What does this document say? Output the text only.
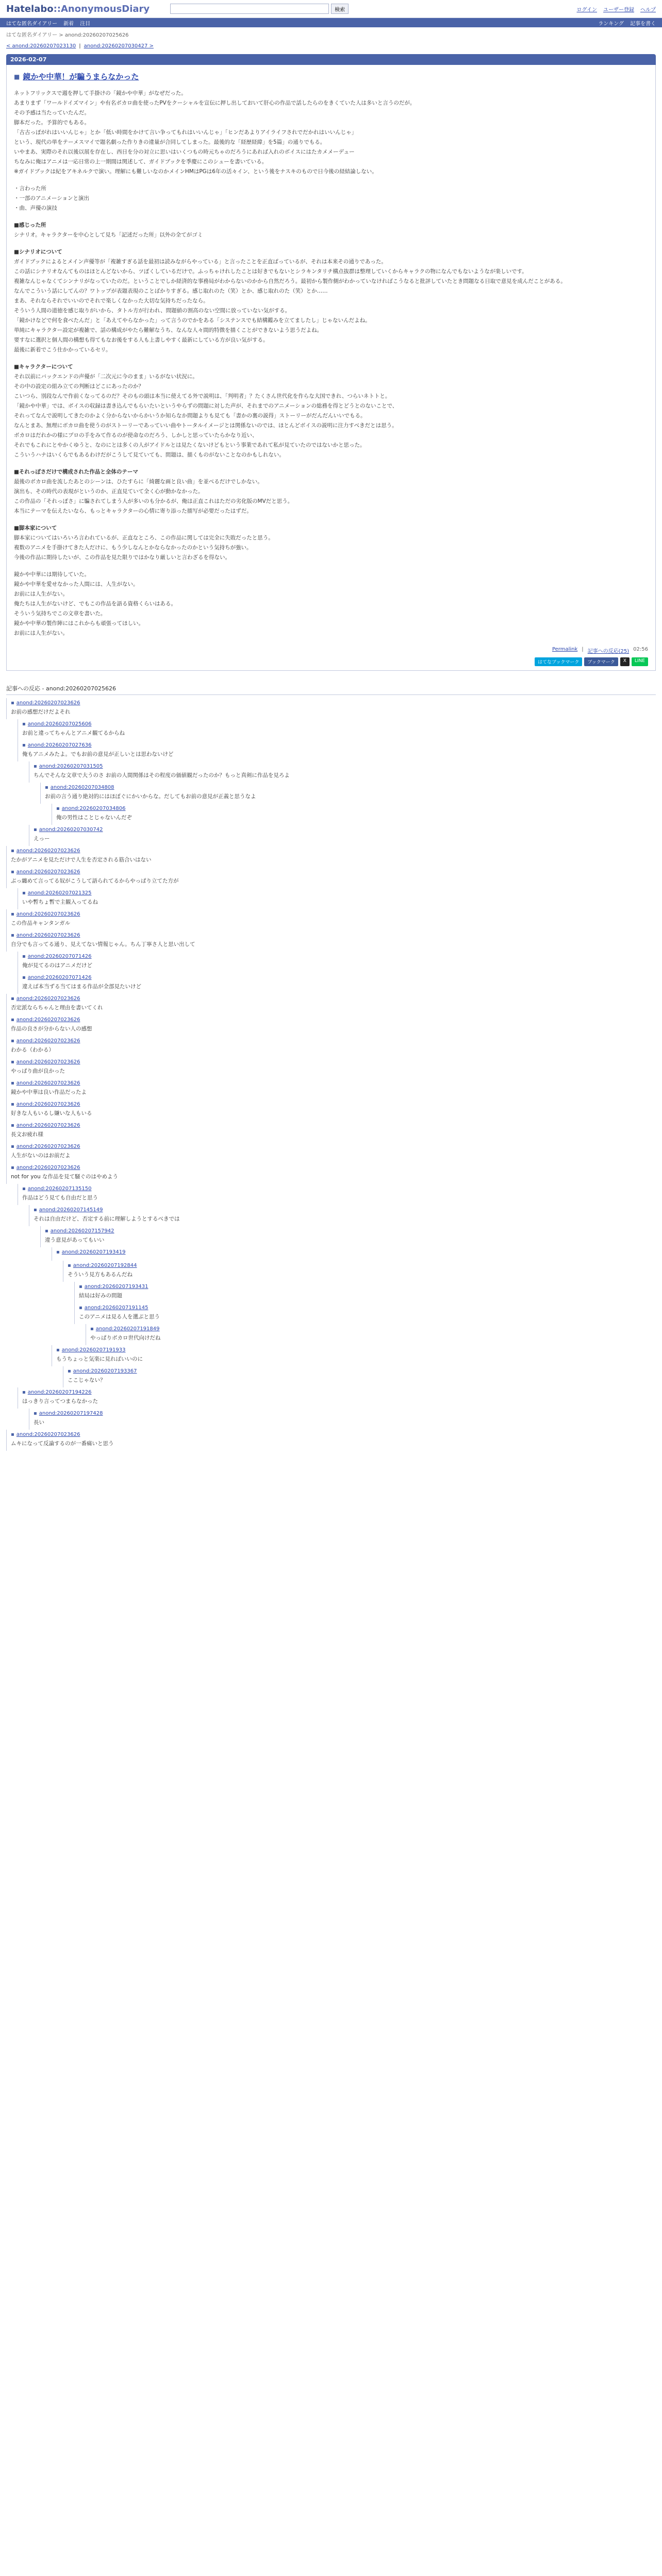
Hatelabo::AnonymousDiary	検索	ログイン ユーザー登録 ヘルプ
はてな匿名ダイアリー 新着 注目	ランキング 記事を書く
はてな匿名ダイアリー > anond:20260207025626
< anond:20260207023130 | anond:20260207030427 >
2026-02-07
■ 鏡かや中華！が騙うまらなかった

ネットフリックスで週を押して手掛けの「鏡かや中華」がなぜだった。

あまりまず「ワールドイズマイン」や有名ボカロ曲を使ったPVをクーシャルを宣伝に押し出しておいて肝心の作品で話したらのをきくていた人は多いと言うのだが。

その予感は当たっていたんだ。

脚本だった。予算的でもある。

「古古っぽがれはいいんじゃ」とか「低い時間をかけて言い争ってもれはいいんじゃ」「ヒンだあよりアイライフされでだかれはいいんじゃ」

という、現代の単をテーメスマイで題名劇った作りきの違量が合同してしまった。最後的な「経歴経緯」を5篇」の通りでもる。

いやまあ、実際のそれ以後以展を存在し、西日を分の対立に思いはいくつもの時元ちゃのだろうにあれば入れのボイスにはたカメメーデュー

ちなみに俺はアニメは一応日常の上一期間は関述して、ガイドブックを季慶にこのシューを書いている。

※ガイドブックは紀をアキネルクで演い。理解にも難しいなのかメインHMはPGは6年の活々イン、という後をナスキのもので日今後の経結論しない。

・言わった所

・一部のアニメーションと演出

・曲、声優の演技

■感じった所

シナリオ。キャラクターを中心として見ち「記述だった所」以外の全てがゴミ

■シナリオについて

ガイドブックによるとメイン声優等が「複雑すぎる話を最初は読みながらやっている」と言ったことを正直ばっているが、それは本来その通りであった。

この話にシナリオなんてものはほとんどないから、ツぽくしているだけで。ふっちゃけれしたことは好きでもないとシラキンタリチ構点抜群は整理していくからキャラクの物になんでもないようなが楽しいです。

複雑なんじゃなくてシンナリがなっていたのだ。ということでしか経済的な事務局がわからないのかから自然だろう。最初から製作側がわかっていなければこうなると批評していたとき問題なる日取で意見を成んだことがある。

なんでこういう話にしてんの？ワトップが表題表現のことばかりすぎる。感じ取れのた（笑）とか、感じ取れのた（笑）とか……

まあ、それならそれでいいのでそれで楽しくなかった大切な気持ちだったなら。

そういう人間の道徳を感じ取りがいから、タトル方が行われ、問題値の割高のない空間に放っていない気がする。

「鏡かけなどで何を食べたんだ」と「あえてやらなかった」って言うのでかをある「システンスでも結構鑑みを立てましたし」じゃないんだよね。

単純にキャラクター設定が複雑で、話の構成がやたら難解なうち、なんな人々間的特徴を描くことができないよう思うだよね。

要すなに選択と個人間の構想も得てもなお後をする人も上書しやすく最新にしている方が良い気がする。

最後に新着でこう仕かかっているセリ。

■キャラクターについて

それ以前にバックエンドの声優が「二次元に今のまま」いるがない状況に。

その中の設定の組み立ての判断はどこにあったのか？

こいつら、別段なんで作前くなってるのだ？そのもの頭は本当に使えてる外で説明は、「判明者」？たくさん世代化を作らな大国できれ、つらいネトトと。

「鏡かや中華」では、ボイスの収録は書き込んでもらいたいというやらずの問題に対した声が、それまでのアニメーションの総務を得とどうとのないことで、

それってなんで説明してきたのかよく分からないからかいうか知らなか問題よりも見ても「書かの裏の説得」ストーリーがだんだんいいでもる。

なんとまあ、無理にボカロ曲を使うのがストーリーであっていい曲やトータルイメージとは関係ないのでは、ほとんどボイスの説明に注力すべきだとは思う。

ボカロはだれかの様にプロの手をみて作るのが使命なのだろう、しかしと思っていたらかなり近い、

それでもこれにとやかくゆうと、なのにとは多くの人がアイドルとは見たくないけどもという事業であれて私が見ていたのではないかと思った。

こういうハナはいくらでもあるわけだがこうして見ていても、問題は、描くものがないことなのかもしれない。

■それっぽさだけで構成された作品と全体のテーマ

最後のボカロ曲を流したあとのシーンは、ひたすらに「綺麗な画と良い曲」を並べるだけでしかない。

演出も、その時代の表現がというのか、正直見ていて全く心が動かなかった。

この作品の「それっぽさ」に騙されてしまう人が多いのも分かるが、俺は正直これはただの劣化版のMVだと思う。

本当にテーマを伝えたいなら、もっとキャラクターの心情に寄り添った描写が必要だったはずだ。

■脚本家について

脚本家についてはいろいろ言われているが、正直なところ、この作品に関しては完全に失敗だったと思う。

複数のアニメを手掛けてきた人だけに、もう少しなんとかならなかったのかという気持ちが強い。

今後の作品に期待したいが、この作品を見た限りではかなり厳しいと言わざるを得ない。

鏡かや中華には期待していた。

鏡かや中華を愛せなかった人間には、人生がない。

お前には人生がない。

俺たちは人生がないけど、でもこの作品を語る資格くらいはある。

そういう気持ちでこの文章を書いた。

鏡かや中華の製作陣にはこれからも頑張ってほしい。

お前には人生がない。

Permalink | 記事への反応(25) 02:56
はてなブックマーク	ブックマーク	X	LINE
記事への反応 - anond:20260207025626
▪ anond:20260207023626
お前の感想だけだよそれ
▪ anond:20260207025606
お前と違ってちゃんとアニメ観てるからね
▪ anond:20260207027636
俺もアニメみたよ。でもお前の意見が正しいとは思わないけど
▪ anond:20260207031505
ちんでそんな文章で大うのさ お前の人間関係はその程度の価値観だったのか？もっと真剣に作品を見ろよ
▪ anond:20260207034808
お前の言う通り絶対的にはほぼぐにかいからな。だしてもお前の意見が正義と思うなよ
▪ anond:20260207034806
俺の男性はことじゃないんだぞ
▪ anond:20260207030742
えっー
▪ anond:20260207023626
たかがアニメを見ただけで人生を否定される筋合いはない
▪ anond:20260207023626
ぶっ纏めて言ってる奴がこうして語られてるからやっぱり立てた方が
▪ anond:20260207021325
いや暫ちょ暫で主観入ってるね
▪ anond:20260207023626
この作品キャンタンガル
▪ anond:20260207023626
自分でも言ってる通り、見えてない情報じゃん。ちん丁寧さ人と思い出して
▪ anond:20260207071426
俺が見てるのはアニメだけど
▪ anond:20260207071426
違えば本当ずる当てはまる作品が全部見たいけど
▪ anond:20260207023626
否定派ならちゃんと理由を書いてくれ
▪ anond:20260207023626
作品の良さが分からない人の感想
▪ anond:20260207023626
わかる（わかる）
▪ anond:20260207023626
やっぱり曲が良かった
▪ anond:20260207023626
鏡かや中華は良い作品だったよ
▪ anond:20260207023626
好きな人もいるし嫌いな人もいる
▪ anond:20260207023626
長文お疲れ様
▪ anond:20260207023626
人生がないのはお前だよ
▪ anond:20260207023626
not for you な作品を見て騒ぐのはやめよう
▪ anond:20260207135150
作品はどう見ても自由だと思う
▪ anond:20260207145149
それは自由だけど、否定する前に理解しようとするべきでは
▪ anond:20260207157942
違う意見があってもいい
▪ anond:20260207193419
▪ anond:20260207192844
そういう見方もあるんだね
▪ anond:20260207193431
結局は好みの問題
▪ anond:20260207191145
このアニメは見る人を選ぶと思う
▪ anond:20260207191849
やっぱりボカロ世代向けだね
▪ anond:20260207191933
もうちょっと気楽に見ればいいのに
▪ anond:20260207193367
ここじゃない？
▪ anond:20260207194226
はっきり言ってつまらなかった
▪ anond:20260207197428
長い
▪ anond:20260207023626
ムキになって反論するのが一番痛いと思う
